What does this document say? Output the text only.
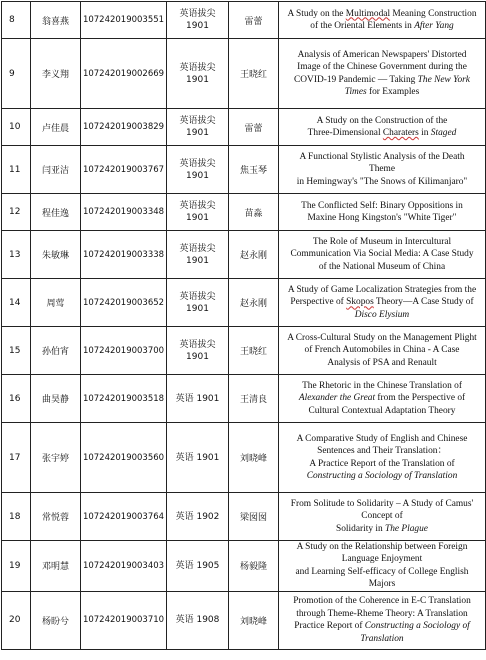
8	翁喜燕	107242019003551	英语拔尖 1901	雷蕾	A Study on the Multimodal Meaning Construction
of the Oriental Elements in After Yang

9	李义翔	107242019002669	英语拔尖 1901	王晓红	Analysis of American Newspapers' Distorted
Image of the Chinese Government during the
COVID-19 Pandemic — Taking The New York
Times for Examples

10	卢佳晨	107242019003829	英语拔尖 1901	雷蕾	A Study on the Construction of the
Three-Dimensional Charaters in Staged

11	闫亚洁	107242019003767	英语拔尖 1901	焦玉琴	A Functional Stylistic Analysis of the Death
Theme
in Hemingway's "The Snows of Kilimanjaro"

12	程佳逸	107242019003348	英语拔尖 1901	苗淼	The Conflicted Self: Binary Oppositions in
Maxine Hong Kingston's "White Tiger"

13	朱敏琳	107242019003338	英语拔尖 1901	赵永刚	The Role of Museum in Intercultural
Communication Via Social Media: A Case Study
of the National Museum of China

14	周莺	107242019003652	英语拔尖 1901	赵永刚	A Study of Game Localization Strategies from the
Perspective of Skopos Theory—A Case Study of
Disco Elysium

15	孙伯宵	107242019003700	英语拔尖 1901	王晓红	A Cross-Cultural Study on the Management Plight
of French Automobiles in China - A Case
Analysis of PSA and Renault

16	曲昊静	107242019003518	英语 1901	王清良	The Rhetoric in the Chinese Translation of
Alexander the Great from the Perspective of
Cultural Contextual Adaptation Theory

17	张宇婷	107242019003560	英语 1901	刘晓峰	A Comparative Study of English and Chinese
Sentences and Their Translation：
A Practice Report of the Translation of
Constructing a Sociology of Translation

18	常悦蓉	107242019003764	英语 1902	梁囡囡	From Solitude to Solidarity – A Study of Camus'
Concept of
Solidarity in The Plague

19	邓明慧	107242019003403	英语 1905	杨毅隆	A Study on the Relationship between Foreign
Language Enjoyment
and Learning Self-efficacy of College English
Majors

20	杨盼兮	107242019003710	英语 1908	刘晓峰	Promotion of the Coherence in E-C Translation
through Theme-Rheme Theory: A Translation
Practice Report of Constructing a Sociology of
Translation
